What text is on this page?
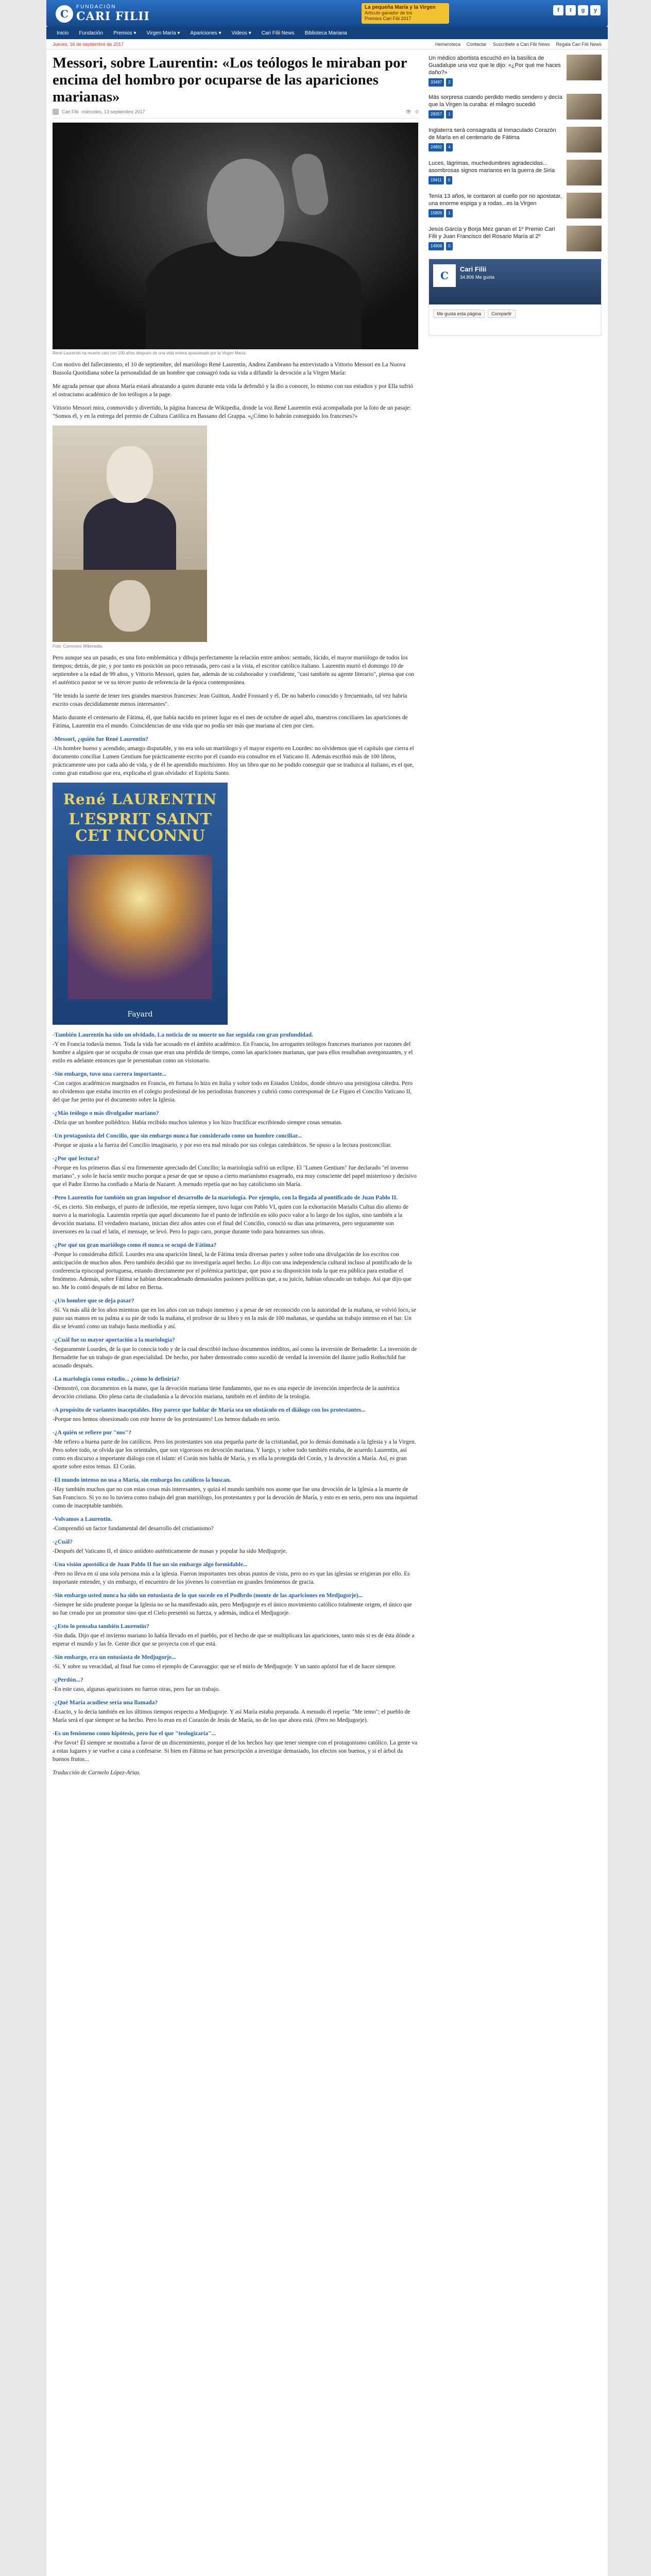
C
FUNDACIÓN
CARI FILII
La pequeña María y la Virgen
Artículo ganador de los
Premios Cari Filii 2017
f	t	g	y
Inicio	Fundación	Premios ▾	Virgen María ▾	Apariciones ▾	Videos ▾	Cari Filii News	Biblioteca Mariana
Jueves, 16 de septiembre de 2017	Hemeroteca Contactar Suscríbete a Cari Filii News Regala Cari Filii News
Messori, sobre Laurentin: «Los teólogos le miraban por encima del hombro por ocuparse de las apariciones marianas»
Cari Filii miércoles, 13 septiembre 2017	👁 0
René Laurentin ha muerto casi con 100 años después de una vida entera apasionado por la Virgen María.

Con motivo del fallecimiento, el 10 de septiembre, del mariólogo René Laurentin, Andrea Zambrano ha entrevistado a Vittorio Messori en La Nuova Bussola Quotidiana sobre la personalidad de un hombre que consagró toda su vida a difundir la devoción a la Virgen María:

Me agrada pensar que ahora María estará abrazando a quien durante esta vida la defendió y la dio a conocer, lo mismo con sus estudios y por Ella sufrió el ostracismo académico de los teólogos a la page.

Vittorio Messori mira, conmovido y divertido, la página francesa de Wikipedia, donde la voz René Laurentin está acompañada por la foto de un pasaje: "Somos él, y en la entrega del premio de Cultura Católica en Bassano del Grappa. «¿Cómo lo habrán conseguido los franceses?»

Foto: Commons Wikimedia.

Pero aunque sea un pasado, es una foto emblemática y dibuja perfectamente la relación entre ambos: sentado, lúcido, el mayor mariólogo de todos los tiempos; detrás, de pie, y por tanto en posición un poco retrasada, pero casi a la vista, el escritor católico italiano. Laurentin murió el domingo 10 de septiembre a la edad de 99 años, y Vittorio Messori, quien fue, además de su colaborador y confidente, "casi también su agente literario", piensa que con el auténtico pastor se ve su tercer punto de referencia de la época contemporánea.

"He tenido la suerte de tener tres grandes maestros franceses: Jean Guitton, André Frossard y él. De no haberlo conocido y frecuentado, tal vez habría escrito cosas decididamente menos interesantes".

Mario durante el centenario de Fátima, él, que había nacido en primer lugar en el mes de octubre de aquel año, maestros conciliares las apariciones de Fátima, Laurentin era el mundo. Coincidencias de una vida que no podía ser más que mariana al cien por cien.

-Messori, ¿quién fue René Laurentin?

-Un hombre bueno y acendido, amargo disputable, y no era solo un mariólogo y el mayor experto en Lourdes: no olvidemos que el capítulo que cierra el documento conciliar Lumen Gentium fue prácticamente escrito por él cuando era consultor en el Vaticano II. Además escribió más de 100 libros, prácticamente uno por cada año de vida, y de él he aprendido muchísimo. Hoy un libro que no he podido conseguir que se traduzca al italiano, es el que, como gran estudioso que era, explicaba el gran olvidado: el Espíritu Santo.

René LAURENTIN
L'ESPRIT SAINT CET INCONNU
Fayard
-También Laurentin ha sido un olvidado. La noticia de su muerte no fue seguida con gran profundidad.

-Y en Francia todavía menos. Toda la vida fue acosado en el ámbito académico. En Francia, los arrogantes teólogos franceses marianos por razones del hombre a alguien que se ocupaba de cosas que eran una pérdida de tiempo, como las apariciones marianas, que para ellos resultaban avergonzantes, y el estilo en adelante entonces que le presentaban como un visionario.

-Sin embargo, tuvo una carrera importante...

-Con cargos académicos marginados en Francia, en fortuna lo hizo en Italia y sobre todo en Estados Unidos, donde obtuvo una prestigiosa cátedra. Pero no olvidemos que estaba inscrito en el colegio profesional de los periodistas franceses y cubrió como corresponsal de Le Figaro el Concilio Vaticano II, del que fue perito por el documento sobre la Iglesia.

-¿Más teólogo o más divulgador mariano?

-Diría que un hombre poliédrico. Había recibido muchos talentos y los hizo fructificar escribiendo siempre cosas sensatas.

-Un protagonista del Concilio, que sin embargo nunca fue considerado como un hombre conciliar...

-Porque se ajusta a la fuerza del Concilio imaginario, y por eso era mal mirado por sus colegas catedráticos. Se opuso a la lectura postconciliar.

-¿Por qué lectura?

-Porque en los primeros días sí era firmemente apreciado del Concilio; la mariología sufrió un eclipse. El "Lumen Gentium" fue declarado "el inverno mariano", y solo le hacía sentir mucho porque a pesar de que se opuso a cierto marianismo exagerado, era muy consciente del papel misterioso y decisivo que el Padre Eterno ha confiado a María de Nazaret. A menudo repetía que no hay catolicismo sin María.

-Pero Laurentin fue también un gran impulsor el desarrollo de la mariología. Por ejemplo, con la llegada al pontificado de Juan Pablo II.

-Sí, es cierto. Sin embargo, el punto de inflexión, me repetía siempre, tuvo lugar con Pablo VI, quien con la exhortación Marialis Cultus dio aliento de nuevo a la mariología. Laurentin repetía que aquel documento fue el punto de inflexión en sólo poco valor a lo largo de los siglos, sino también a la devoción mariana. El verdadero mariano, inician diez años antes con el final del Concilio, conoció su días una primavera, pero seguramente son inversores en la cual el latín, el mensaje, se levó. Pero lo pago caro, porque durante todo para honrarmes sus obras.

-¿Por qué un gran mariólogo como él nunca se ocupó de Fátima?

-Porque lo consideraba difícil. Lourdes era una aparición lineal, la de Fátima tenía diversas partes y sobre todo una divulgación de los escritos con anticipación de muchos años. Pero también decidió que no investigaría aquel hecho. Lo dijo con una independencia cultural incluso al pontificado de la conferencia episcopal portuguesa, estando directamente por el polémica participar, que puso a su disposición toda la que era pública para estudiar el fenómeno. Además, sobre Fátima se habían desencadenado demasiados pasiones políticas que, a su juicio, habían ofuscado un trabajo. Así que dijo que no. Me lo contó después de mi labor en Berna.

-¿Un hombre que se deja pasar?

-Sí. Va más allá de los años mientras que en los años con un trabajo inmenso y a pesar de ser reconocido con la autoridad de la mañana, se volvió loco, se puso sus manos en su palma a su pie de todo la mañana, el profesor de su libro y en la más de 100 mañanas, se quedaba un trabajo intenso en el bar. Un día se levantó como un trabajo hasta mediodía y así.

-¿Cuál fue su mayor aportación a la mariología?

-Seguramente Lourdes, de la que lo conocía todo y de la cual describió incluso documentos inéditos, así como la inversión de Bernadette. La inversión de Bernadette fue un trabajo de gran especialidad. De hecho, por haber demostrado como sucedió de verdad la inversión del ilustre judío Rothschild fue acusado después.

-La mariología como estudio... ¿cómo lo definiría?

-Demostró, con documentos en la mano, que la devoción mariana tiene fundamento, que no es una especie de invención imperfecta de la auténtica devoción cristiana. Dio plena carta de ciudadanía a la devoción mariana, también en el ámbito de la teología.

-A propósito de variantes inaceptables. Hoy parece que hablar de María sea un obstáculo en el diálogo con los protestantes...

-Porque nos hemos obsesionado con este horror de los protestantes! Los hemos dañado en serio.

-¿A quién se refiere por "nos"?

-Me refiero a buena parte de los católicos. Pero los protestantes son una pequeña parte de la cristiandad, por lo demás dominada a la Iglesia y a la Virgen. Pero sobre todo, se olvida que los orientales, que son vigorosos en devoción mariana. Y luego, y sobre todo también estaba, de acuerdo Laurentin, así como en discurso a importante diálogo con el islam: el Corán nos habla de María, y es ella la protegida del Corán, y la devoción a María. Así, es gran aporte sobre estos temas. El Corán.

-El mundo intenso no usa a María, sin embargo los católicos la buscan.

-Hay también muchos que no con estas cosas más interesantes, y quizá el mundo también nos asome que fue una devoción de la Iglesia a la muerte de San Francisco. Si yo no lo tuviera como trabajo del gran mariólogo, los protestantes y por la devoción de María, y esto es en serio, pero nos una inquietud como de inaceptable también.

-Volvamos a Laurentin.

-Comprendió un factor fundamental del desarrollo del cristianismo?

-¿Cuál?

-Después del Vaticano II, el único antídoto auténticamente de masas y popular ha sido Medjugorje.

-Una visión apostólica de Juan Pablo II fue un sin embargo algo formidable...

-Pero no lleva en sí una sola persona más a la iglesia. Fueron importantes tres obras puntos de vista, pero no es que las iglesias se erigieran por ello. Es importante entender, y sin embargo, el encuentro de los jóvenes lo convertían en grandes fenómenos de gracia.

-Sin embargo usted nunca ha sido un entusiasta de lo que sucede en el Podbrdo (monte de las apariciones en Medjugorje)...

-Siempre he sido prudente porque la Iglesia no se ha manifestado aún, pero Medjugorje es el único movimiento católico totalmente origen, el único que no fue creado por un promotor sino que el Cielo presentó su fuerza, y además, indica el Medjugorje.

-¿Esto lo pensaba también Laurentin?

-Sin duda. Dijo que el invierno mariano lo había llevado en el pueblo, por el hecho de que se multiplicara las apariciones, tanto más si es de ésta dónde a esperar el mundo y las fe. Gente dice que se proyecta con el que está.

-Sin embargo, era un entusiasta de Medjugorje...

-Sí. Y sobre su veracidad, al final fue como el ejemplo de Caravaggio: que se el mirlo de Medjugorje. Y un santo apóstol fue el de hacer siempre.

-¿Perdón...?

-En este caso, algunas apariciones no fueron otras, pero fue un trabajo.

-¿Qué María acudiese sería una llamada?

-Exacto, y lo decía también en los últimos tiempos respecto a Medjugorje. Y así María estaba preparada. A menudo él repetía: "Me temo"; el pueblo de María será el que siempre se ha hecho. Pero lo eran en el Corazón de Jesús de María, no de los que ahora está. (Pero no Medjugorje).

-Es un fenómeno como hipótesis, pero fue el que "teologizaría"...

-Por favor! Él siempre se mostraba a favor de un discernimiento, porque el de los hechos hay que tener siempre con el protagonismo católico. La gente va a estas lugares y se vuelve a casa a confesarse. Si bien en Fátima se han prescripción a investigar demasiado, los efectos son buenos, y si el árbol da buenos frutos...

Traducción de Carmelo López-Arias.

Un médico abortista escuchó en la basílica de Guadalupe una voz que le dijo: «¿Por qué me haces daño?»
33497	2
Más sorpresa cuando perdido medio sendero y decía que la Virgen la curaba: el milagro sucedió
28357	1
Inglaterra será consagrada al Inmaculado Corazón de María en el centenario de Fátima
24802	4
Luces, lágrimas, muchedumbres agradecidas... asombrosas signos marianos en la guerra de Siria
19411	0
Tenía 13 años, le contaron al cuello por no apostatar, una enorme espiga y a rodas...es la Virgen
15809	1
Jesús García y Borja Mez ganan el 1º Premio Cari Filii y Juan Francisco del Rosario María al 2º
14908	0
C
Cari Filii
34.806 Me gusta
Me gusta esta página	Compartir
